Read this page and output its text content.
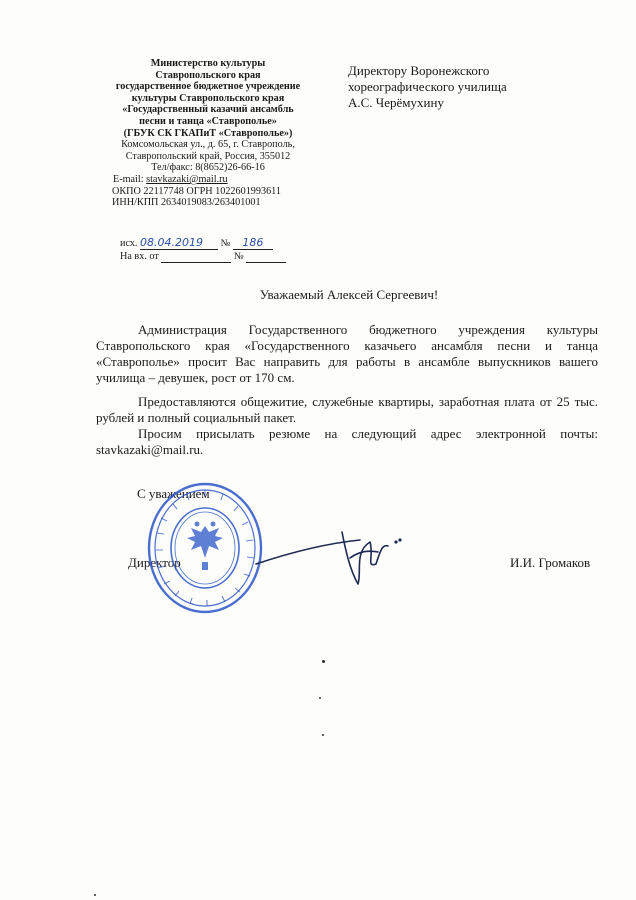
Министерство культуры
Ставропольского края
государственное бюджетное учреждение
культуры Ставропольского края
«Государственный казачий ансамбль
песни и танца «Ставрополье»
(ГБУК СК ГКАПиТ «Ставрополье»)
Комсомольская ул., д. 65, г. Ставрополь,
Ставропольский край, Россия, 355012
Тел/факс: 8(8652)26-66-16
E-mail: stavkazaki@mail.ru
ОКПО 22117748 ОГРН 1022601993611
ИНН/КПП 2634019083/263401001
исх. 08.04.2019 № 186
На вх. от	№
Директору Воронежского
хореографического училища
А.С. Черёмухину
Уважаемый Алексей Сергеевич!

Администрация Государственного бюджетного учреждения культуры Ставропольского края «Государственного казачьего ансамбля песни и танца «Ставрополье» просит Вас направить для работы в ансамбле выпускников вашего училища – девушек, рост от 170 см.

Предоставляются общежитие, служебные квартиры, заработная плата от 25 тыс. рублей и полный социальный пакет.

Просим присылать резюме на следующий адрес электронной почты: stavkazaki@mail.ru.

С уважением
Директор	И.И. Громаков
